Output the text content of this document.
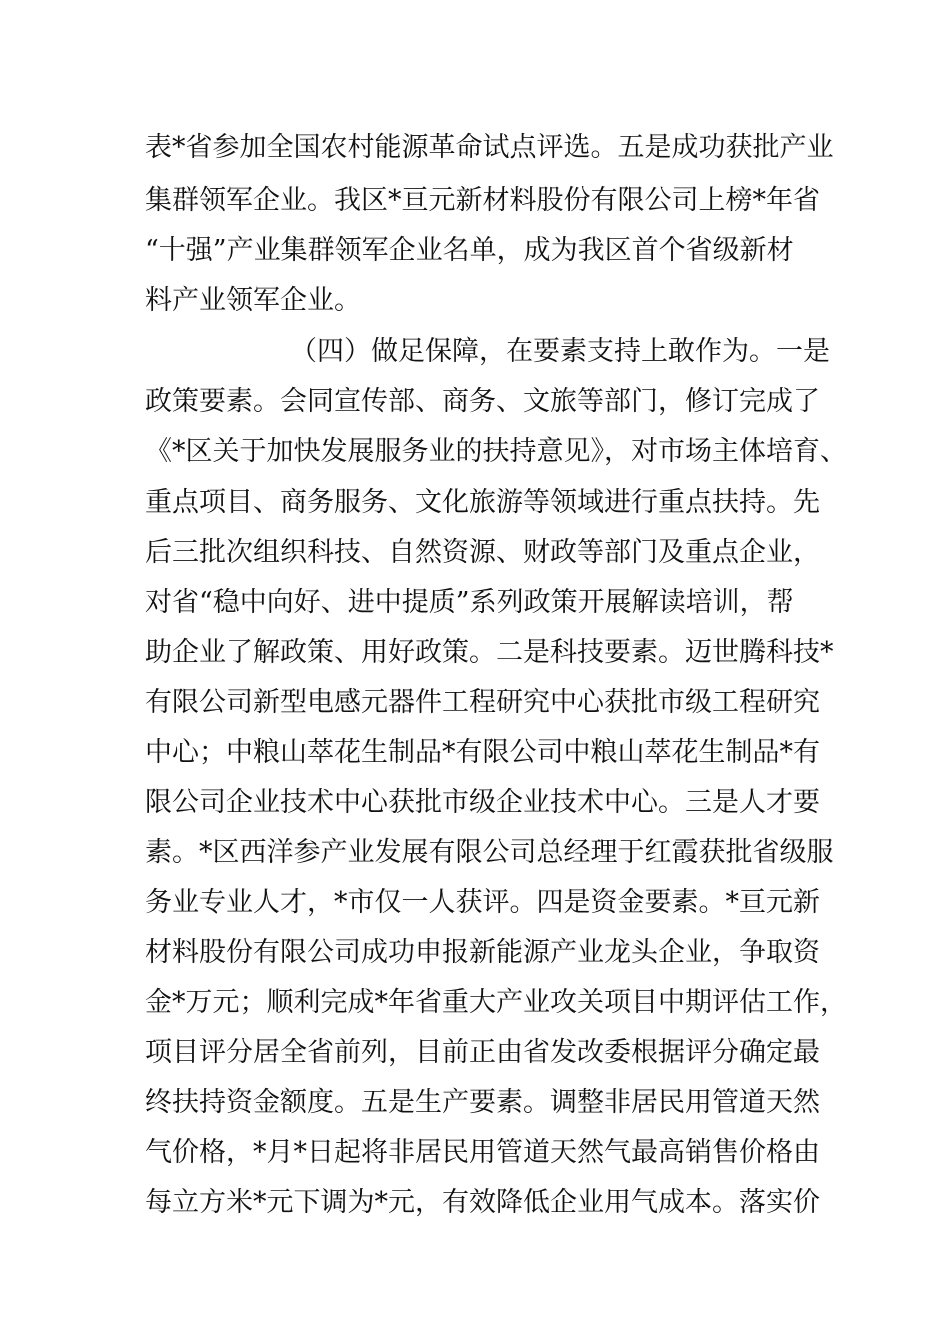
表*省参加全国农村能源革命试点评选。五是成功获批产业
集群领军企业。我区*亘元新材料股份有限公司上榜*年省
“十强”产业集群领军企业名单，成为我区首个省级新材
料产业领军企业。
（四）做足保障，在要素支持上敢作为。一是
政策要素。会同宣传部、商务、文旅等部门，修订完成了
《*区关于加快发展服务业的扶持意见》，对市场主体培育、
重点项目、商务服务、文化旅游等领域进行重点扶持。先
后三批次组织科技、自然资源、财政等部门及重点企业，
对省“稳中向好、进中提质”系列政策开展解读培训，帮
助企业了解政策、用好政策。二是科技要素。迈世腾科技*
有限公司新型电感元器件工程研究中心获批市级工程研究
中心；中粮山萃花生制品*有限公司中粮山萃花生制品*有
限公司企业技术中心获批市级企业技术中心。三是人才要
素。*区西洋参产业发展有限公司总经理于红霞获批省级服
务业专业人才，*市仅一人获评。四是资金要素。*亘元新
材料股份有限公司成功申报新能源产业龙头企业，争取资
金*万元；顺利完成*年省重大产业攻关项目中期评估工作，
项目评分居全省前列，目前正由省发改委根据评分确定最
终扶持资金额度。五是生产要素。调整非居民用管道天然
气价格，*月*日起将非居民用管道天然气最高销售价格由
每立方米*元下调为*元，有效降低企业用气成本。落实价
